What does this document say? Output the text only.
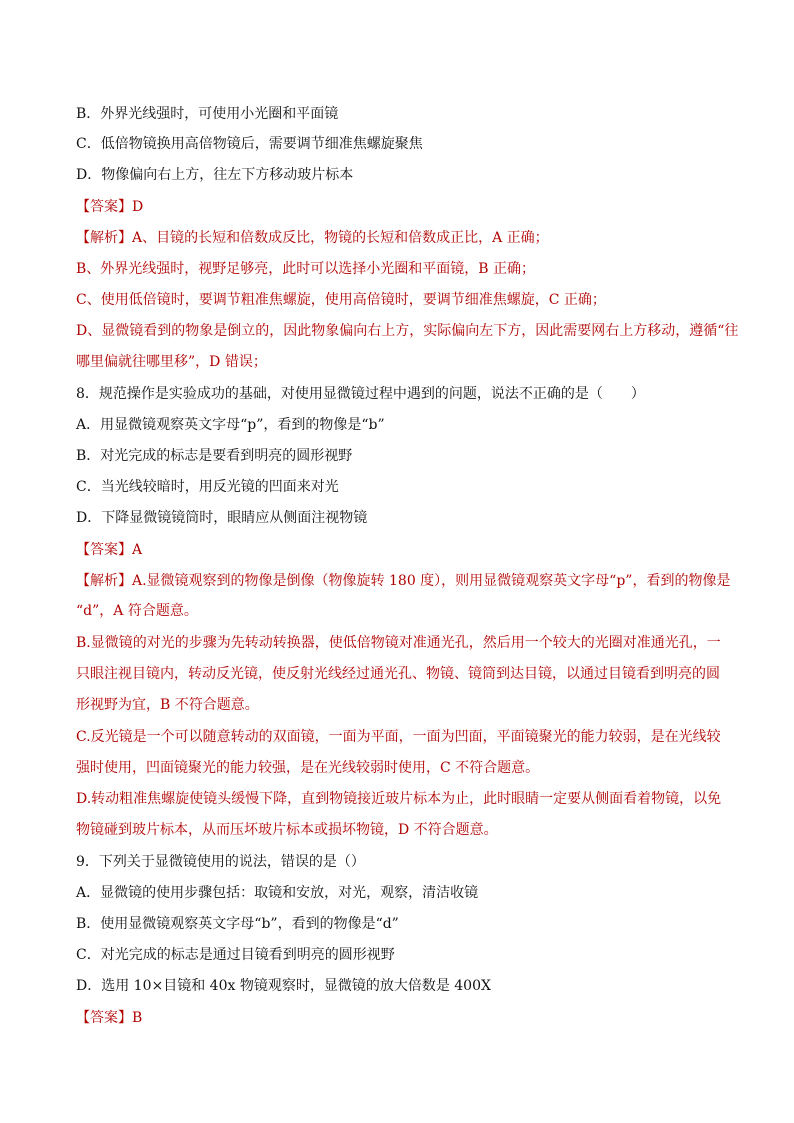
B．外界光线强时，可使用小光圈和平面镜
C．低倍物镜换用高倍物镜后，需要调节细准焦螺旋聚焦
D．物像偏向右上方，往左下方移动玻片标本
【答案】D
【解析】A、目镜的长短和倍数成反比，物镜的长短和倍数成正比，A 正确；
B、外界光线强时，视野足够亮，此时可以选择小光圈和平面镜，B 正确；
C、使用低倍镜时，要调节粗准焦螺旋，使用高倍镜时，要调节细准焦螺旋，C 正确；
D、显微镜看到的物象是倒立的，因此物象偏向右上方，实际偏向左下方，因此需要网右上方移动，遵循“往
哪里偏就往哪里移”，D 错误；
8．规范操作是实验成功的基础，对使用显微镜过程中遇到的问题，说法不正确的是（　　）
A．用显微镜观察英文字母“p”，看到的物像是“b”
B．对光完成的标志是要看到明亮的圆形视野
C．当光线较暗时，用反光镜的凹面来对光
D．下降显微镜镜筒时，眼睛应从侧面注视物镜
【答案】A
【解析】A.显微镜观察到的物像是倒像（物像旋转 180 度），则用显微镜观察英文字母“p”，看到的物像是
“d”，A 符合题意。
B.显微镜的对光的步骤为先转动转换器，使低倍物镜对准通光孔，然后用一个较大的光圈对准通光孔，一
只眼注视目镜内，转动反光镜，使反射光线经过通光孔、物镜、镜筒到达目镜，以通过目镜看到明亮的圆
形视野为宜，B 不符合题意。
C.反光镜是一个可以随意转动的双面镜，一面为平面，一面为凹面，平面镜聚光的能力较弱，是在光线较
强时使用，凹面镜聚光的能力较强，是在光线较弱时使用，C 不符合题意。
D.转动粗准焦螺旋使镜头缓慢下降，直到物镜接近玻片标本为止，此时眼睛一定要从侧面看着物镜，以免
物镜碰到玻片标本，从而压坏玻片标本或损坏物镜，D 不符合题意。
9．下列关于显微镜使用的说法，错误的是（）
A．显微镜的使用步骤包括：取镜和安放，对光，观察，清洁收镜
B．使用显微镜观察英文字母“b”，看到的物像是“d”
C．对光完成的标志是通过目镜看到明亮的圆形视野
D．选用 10×目镜和 40x 物镜观察时，显微镜的放大倍数是 400X
【答案】B
